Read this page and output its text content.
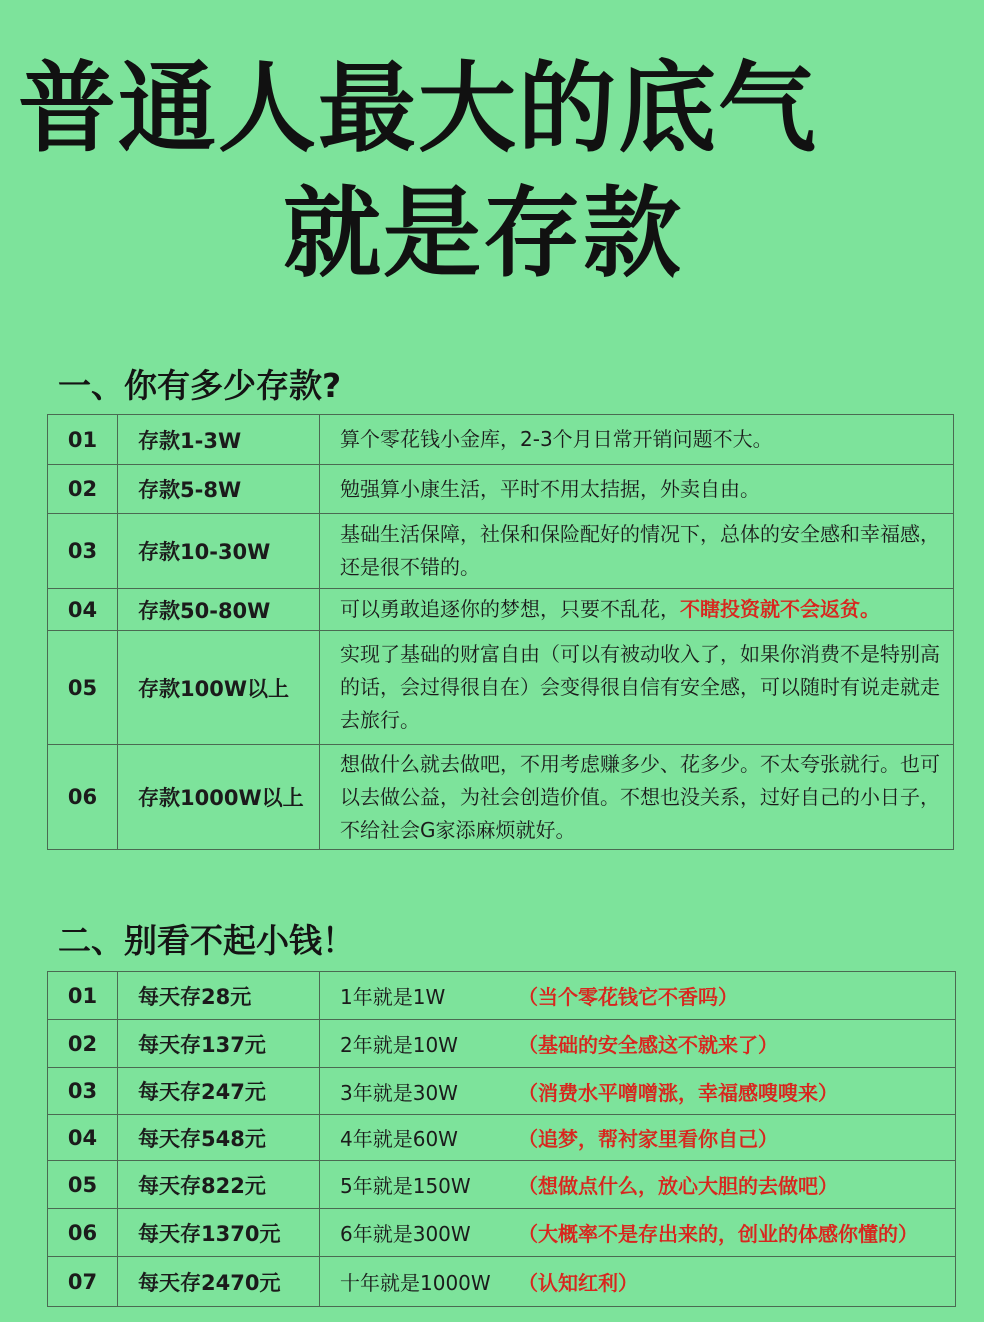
普通人最大的底气
就是存款
一、你有多少存款?
01	存款1-3W	算个零花钱小金库，2-3个月日常开销问题不大。
02	存款5-8W	勉强算小康生活，平时不用太拮据，外卖自由。
03	存款10-30W	基础生活保障，社保和保险配好的情况下，总体的安全感和幸福感，还是很不错的。
04	存款50-80W	可以勇敢追逐你的梦想，只要不乱花，不瞎投资就不会返贫。
05	存款100W以上	实现了基础的财富自由（可以有被动收入了，如果你消费不是特别高的话，会过得很自在）会变得很自信有安全感，可以随时有说走就走去旅行。
06	存款1000W以上	想做什么就去做吧，不用考虑赚多少、花多少。不太夸张就行。也可以去做公益，为社会创造价值。不想也没关系，过好自己的小日子，不给社会G家添麻烦就好。
二、别看不起小钱！
01	每天存28元	1年就是1W （当个零花钱它不香吗）
02	每天存137元	2年就是10W （基础的安全感这不就来了）
03	每天存247元	3年就是30W （消费水平噌噌涨，幸福感嗖嗖来）
04	每天存548元	4年就是60W （追梦，帮衬家里看你自己）
05	每天存822元	5年就是150W （想做点什么，放心大胆的去做吧）
06	每天存1370元	6年就是300W （大概率不是存出来的，创业的体感你懂的）
07	每天存2470元	十年就是1000W （认知红利）
